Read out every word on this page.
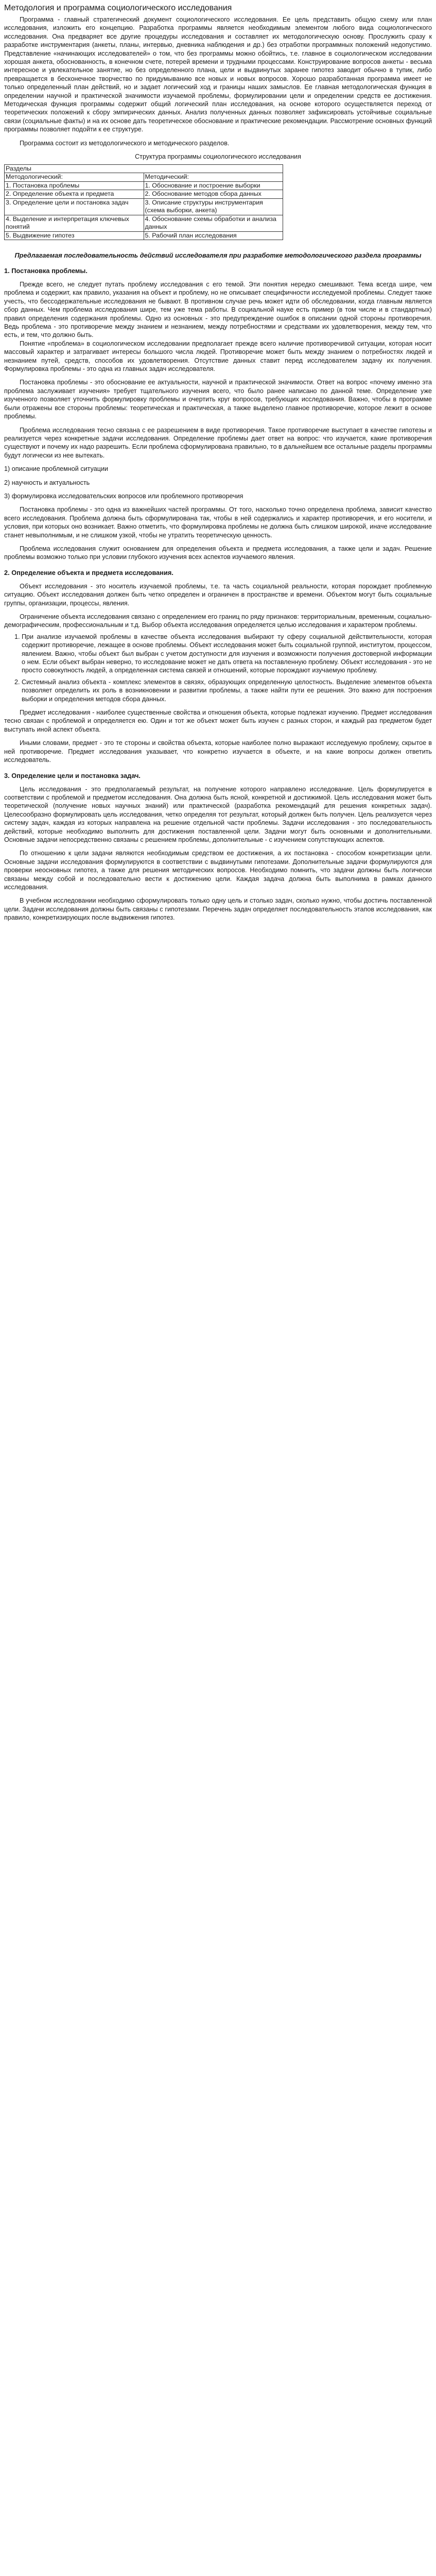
Методология и программа социологического исследования

Программа - главный стратегический документ социологического исследования. Ее цель представить общую схему или план исследования, изложить его концепцию. Разработка программы является необходимым элементом любого вида социологического исследования. Она предваряет все другие процедуры исследования и составляет их методологическую основу. Прослужить сразу к разработке инструментария (анкеты, планы, интервью, дневника наблюдения и др.) без отработки программных положений недопустимо. Представление «начинающих исследователей» о том, что без программы можно обойтись, т.е. главное в социологическом исследовании хорошая анкета, обоснованность, в конечном счете, потерей времени и трудными процессами. Конструирование вопросов анкеты - весьма интересное и увлекательное занятие, но без определенного плана, цели и выдвинутых заранее гипотез заводит обычно в тупик, либо превращается в бесконечное творчество по придумыванию все новых и новых вопросов. Хорошо разработанная программа имеет не только определенный план действий, но и задает логический ход и границы наших замыслов. Ее главная методологическая функция в определении научной и практической значимости изучаемой проблемы, формулировании цели и определении средств ее достижения. Методическая функция программы содержит общий логический план исследования, на основе которого осуществляется переход от теоретических положений к сбору эмпирических данных. Анализ полученных данных позволяет зафиксировать устойчивые социальные связи (социальные факты) и на их основе дать теоретическое обоснование и практические рекомендации. Рассмотрение основных функций программы позволяет подойти к ее структуре.

Программа состоит из методологического и методического разделов.

Структура программы социологического исследования

Разделы	
Методологический:	Методический:
1. Постановка проблемы	1. Обоснование и построение выборки
2. Определение объекта и предмета	2. Обоснование методов сбора данных
3. Определение цели и постановка задач	3. Описание структуры инструментария (схема выборки, анкета)
4. Выделение и интерпретация ключевых понятий	4. Обоснование схемы обработки и анализа данных
5. Выдвижение гипотез	5. Рабочий план исследования
Предлагаемая последовательность действий исследователя при разработке методологического раздела программы
1. Постановка проблемы.

Прежде всего, не следует путать проблему исследования с его темой. Эти понятия нередко смешивают. Тема всегда шире, чем проблема и содержит, как правило, указания на объект и проблему, но не описывает специфичности исследуемой проблемы. Следует также учесть, что бессодержательные исследования не бывают. В противном случае речь может идти об обследовании, когда главным является сбор данных. Чем проблема исследования шире, тем уже тема работы. В социальной науке есть пример (в том числе и в стандартных) правил определения содержания проблемы. Одно из основных - это предупреждение ошибок в описании одной стороны противоречия. Ведь проблема - это противоречие между знанием и незнанием, между потребностями и средствами их удовлетворения, между тем, что есть, и тем, что должно быть.

Понятие «проблема» в социологическом исследовании предполагает прежде всего наличие противоречивой ситуации, которая носит массовый характер и затрагивает интересы большого числа людей. Противоречие может быть между знанием о потребностях людей и незнанием путей, средств, способов их удовлетворения. Отсутствие данных ставит перед исследователем задачу их получения. Формулировка проблемы - это одна из главных задач исследователя.

Постановка проблемы - это обоснование ее актуальности, научной и практической значимости. Ответ на вопрос «почему именно эта проблема заслуживает изучения» требует тщательного изучения всего, что было ранее написано по данной теме. Определение уже изученного позволяет уточнить формулировку проблемы и очертить круг вопросов, требующих исследования. Важно, чтобы в программе были отражены все стороны проблемы: теоретическая и практическая, а также выделено главное противоречие, которое лежит в основе проблемы.

Проблема исследования тесно связана с ее разрешением в виде противоречия. Такое противоречие выступает в качестве гипотезы и реализуется через конкретные задачи исследования. Определение проблемы дает ответ на вопрос: что изучается, какие противоречия существуют и почему их надо разрешить. Если проблема сформулирована правильно, то в дальнейшем все остальные разделы программы будут логически из нее вытекать.

1) описание проблемной ситуации

2) научность и актуальность

3) формулировка исследовательских вопросов или проблемного противоречия

Постановка проблемы - это одна из важнейших частей программы. От того, насколько точно определена проблема, зависит качество всего исследования. Проблема должна быть сформулирована так, чтобы в ней содержались и характер противоречия, и его носители, и условия, при которых оно возникает. Важно отметить, что формулировка проблемы не должна быть слишком широкой, иначе исследование станет невыполнимым, и не слишком узкой, чтобы не утратить теоретическую ценность.

Проблема исследования служит основанием для определения объекта и предмета исследования, а также цели и задач. Решение проблемы возможно только при условии глубокого изучения всех аспектов изучаемого явления.

2. Определение объекта и предмета исследования.

Объект исследования - это носитель изучаемой проблемы, т.е. та часть социальной реальности, которая порождает проблемную ситуацию. Объект исследования должен быть четко определен и ограничен в пространстве и времени. Объектом могут быть социальные группы, организации, процессы, явления.

Ограничение объекта исследования связано с определением его границ по ряду признаков: территориальным, временным, социально-демографическим, профессиональным и т.д. Выбор объекта исследования определяется целью исследования и характером проблемы.

1. При анализе изучаемой проблемы в качестве объекта исследования выбирают ту сферу социальной действительности, которая содержит противоречие, лежащее в основе проблемы. Объект исследования может быть социальной группой, институтом, процессом, явлением. Важно, чтобы объект был выбран с учетом доступности для изучения и возможности получения достоверной информации о нем. Если объект выбран неверно, то исследование может не дать ответа на поставленную проблему. Объект исследования - это не просто совокупность людей, а определенная система связей и отношений, которые порождают изучаемую проблему.
2. Системный анализ объекта - комплекс элементов в связях, образующих определенную целостность. Выделение элементов объекта позволяет определить их роль в возникновении и развитии проблемы, а также найти пути ее решения. Это важно для построения выборки и определения методов сбора данных.

Предмет исследования - наиболее существенные свойства и отношения объекта, которые подлежат изучению. Предмет исследования тесно связан с проблемой и определяется ею. Один и тот же объект может быть изучен с разных сторон, и каждый раз предметом будет выступать иной аспект объекта.

Иными словами, предмет - это те стороны и свойства объекта, которые наиболее полно выражают исследуемую проблему, скрытое в ней противоречие. Предмет исследования указывает, что конкретно изучается в объекте, и на какие вопросы должен ответить исследователь.

3. Определение цели и постановка задач.

Цель исследования - это предполагаемый результат, на получение которого направлено исследование. Цель формулируется в соответствии с проблемой и предметом исследования. Она должна быть ясной, конкретной и достижимой. Цель исследования может быть теоретической (получение новых научных знаний) или практической (разработка рекомендаций для решения конкретных задач). Целесообразно формулировать цель исследования, четко определяя тот результат, который должен быть получен. Цель реализуется через систему задач, каждая из которых направлена на решение отдельной части проблемы. Задачи исследования - это последовательность действий, которые необходимо выполнить для достижения поставленной цели. Задачи могут быть основными и дополнительными. Основные задачи непосредственно связаны с решением проблемы, дополнительные - с изучением сопутствующих аспектов.

По отношению к цели задачи являются необходимым средством ее достижения, а их постановка - способом конкретизации цели. Основные задачи исследования формулируются в соответствии с выдвинутыми гипотезами. Дополнительные задачи формулируются для проверки неосновных гипотез, а также для решения методических вопросов. Необходимо помнить, что задачи должны быть логически связаны между собой и последовательно вести к достижению цели. Каждая задача должна быть выполнима в рамках данного исследования.

В учебном исследовании необходимо сформулировать только одну цель и столько задач, сколько нужно, чтобы достичь поставленной цели. Задачи исследования должны быть связаны с гипотезами. Перечень задач определяет последовательность этапов исследования, как правило, конкретизирующих после выдвижения гипотез.
